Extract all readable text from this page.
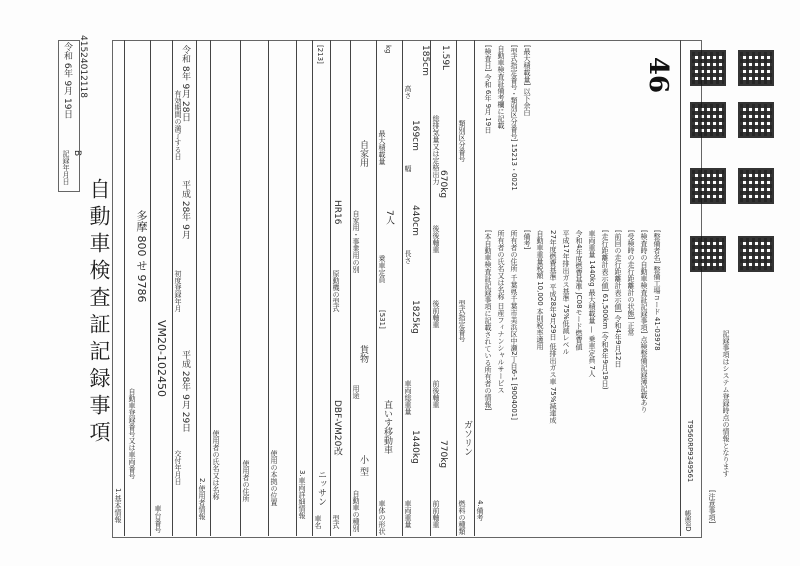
自動車検査証記録事項
B
記録年月日
令和 6年 9月 19日 41524012118
1.基本情報
自動車登録番号又は車両番号
多摩 800 せ 9786
車台番号
VM20-102450
交付年月日
平成 28年 9月 29日
初度登録年月
平成 28年 9月
有効期間の満了する日
令和 8年 9月 28日
2.使用者情報 使用者の氏名又は名称	使用者の住所	使用の本拠の位置	3.車両詳細情報
車名
ニッサン
[213]
型式
DBF-VM20改
原動機の型式
HR16
自動車の種別
小 型
用途
貨物
自家用・事業用の別
自家用
車体の形状
直いす移動車
[531]
乗車定員
7人
最大積載量
kg
車両重量
1440kg
車両総重量
1825kg
長さ
440cm
幅
169cm
高さ
185cm
前前軸重
770kg
前後軸重
後前軸重
後後軸重
670kg
総排気量又は定格出力
1.59L
燃料の種類
ガソリン
型式指定番号
類別区分番号
4.備考
[本自動車検査証記録事項に記載されている所有者の情報] 所有者の氏名又は名称 日産フィナンシャルサービス 所有者の住所 千葉県千葉市美浜区中瀬2丁目6-1 [9004001] [備考] 自動車重量税額 10,000 本則税率適用 27年度燃費基準 平成28年9月29日 低排出ガス車 75%減達成 平成17年排出ガス基準 75%低減レベル 令和4年度燃費基準 JC08モード燃費値 車両重量 1440kg 最大積載量 — 乗車定員 7人 [走行距離計表示値] 61,500km (令和6年9月19日) [前回の走行距離計表示値] 令和4年9月12日 [受検時の走行距離計の状態] 正常 [検査時の自動車検査証記録事項] 点検整備記録簿記載あり [整備者名] 整備工場コード 41-03978
[検査日] 令和 6年 9月 19日 自動車検査証備考欄に記載 [型式指定番号・類別区分番号] 15213・0021 [最大積載量] 以下余白
帳票ID
T9560RP9349561
[注意事項]
記録事項はシステム登録時点の情報となります
46
